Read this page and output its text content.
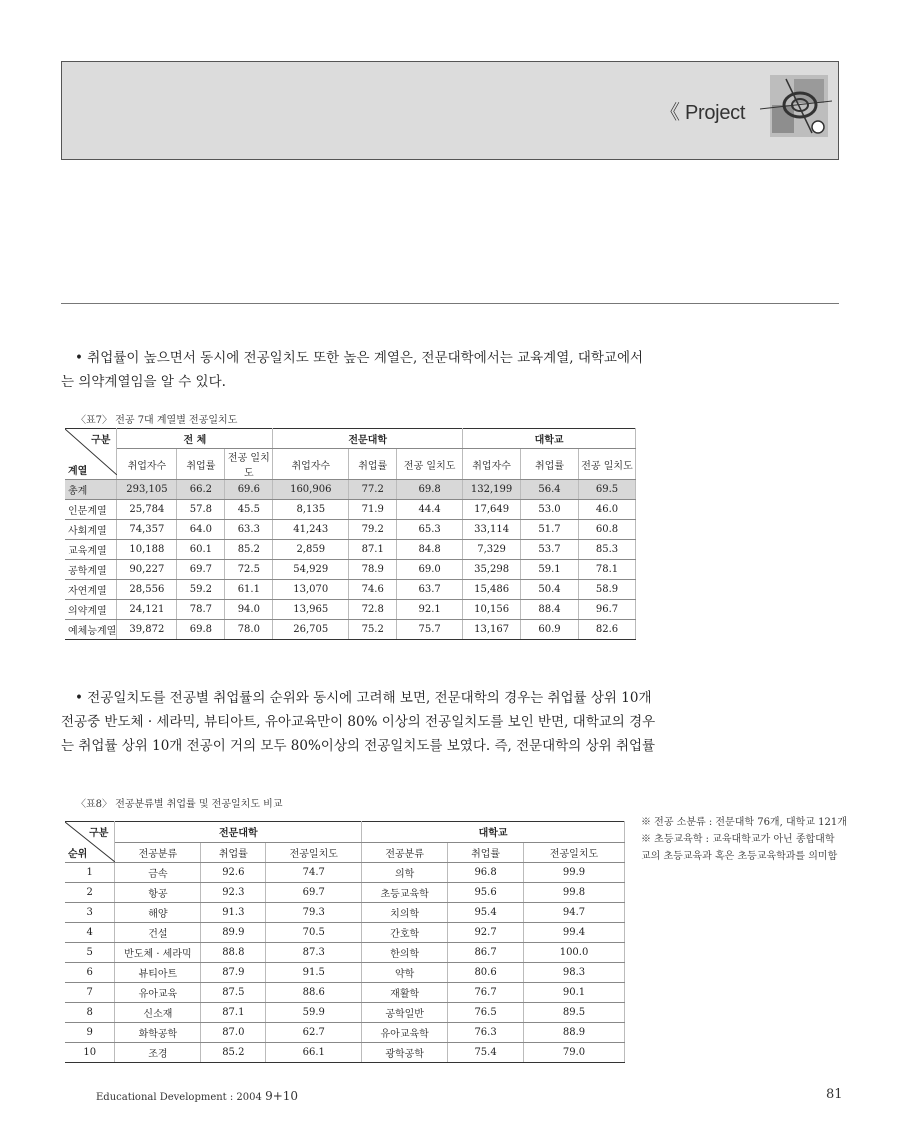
《 Project

• 취업률이 높으면서 동시에 전공일치도 또한 높은 계열은, 전문대학에서는 교육계열, 대학교에서

는 의약계열임을 알 수 있다.

〈표7〉 전공 7대 계열별 전공일치도
구분
계열	전 체			전문대학			대학교		
	취업자수	취업률	전공 일치도	취업자수	취업률	전공 일치도	취업자수	취업률	전공 일치도
총계	293,105	66.2	69.6	160,906	77.2	69.8	132,199	56.4	69.5
인문계열	25,784	57.8	45.5	8,135	71.9	44.4	17,649	53.0	46.0
사회계열	74,357	64.0	63.3	41,243	79.2	65.3	33,114	51.7	60.8
교육계열	10,188	60.1	85.2	2,859	87.1	84.8	7,329	53.7	85.3
공학계열	90,227	69.7	72.5	54,929	78.9	69.0	35,298	59.1	78.1
자연계열	28,556	59.2	61.1	13,070	74.6	63.7	15,486	50.4	58.9
의약계열	24,121	78.7	94.0	13,965	72.8	92.1	10,156	88.4	96.7
예체능계열	39,872	69.8	78.0	26,705	75.2	75.7	13,167	60.9	82.6

• 전공일치도를 전공별 취업률의 순위와 동시에 고려해 보면, 전문대학의 경우는 취업률 상위 10개

전공중 반도체 · 세라믹, 뷰티아트, 유아교육만이 80% 이상의 전공일치도를 보인 반면, 대학교의 경우

는 취업률 상위 10개 전공이 거의 모두 80%이상의 전공일치도를 보였다. 즉, 전문대학의 상위 취업률

〈표8〉 전공분류별 취업률 및 전공일치도 비교
구분
순위	전문대학			대학교		
	전공분류	취업률	전공일치도	전공분류	취업률	전공일치도
1	금속	92.6	74.7	의학	96.8	99.9
2	항공	92.3	69.7	초등교육학	95.6	99.8
3	해양	91.3	79.3	치의학	95.4	94.7
4	건설	89.9	70.5	간호학	92.7	99.4
5	반도체 · 세라믹	88.8	87.3	한의학	86.7	100.0
6	뷰티아트	87.9	91.5	약학	80.6	98.3
7	유아교육	87.5	88.6	재활학	76.7	90.1
8	신소재	87.1	59.9	공학일반	76.5	89.5
9	화학공학	87.0	62.7	유아교육학	76.3	88.9
10	조경	85.2	66.1	광학공학	75.4	79.0
※ 전공 소분류 : 전문대학 76개, 대학교 121개
※ 초등교육학 : 교육대학교가 아닌 종합대학
교의 초등교육과 혹은 초등교육학과를 의미함
Educational Development : 2004 9+10	81
